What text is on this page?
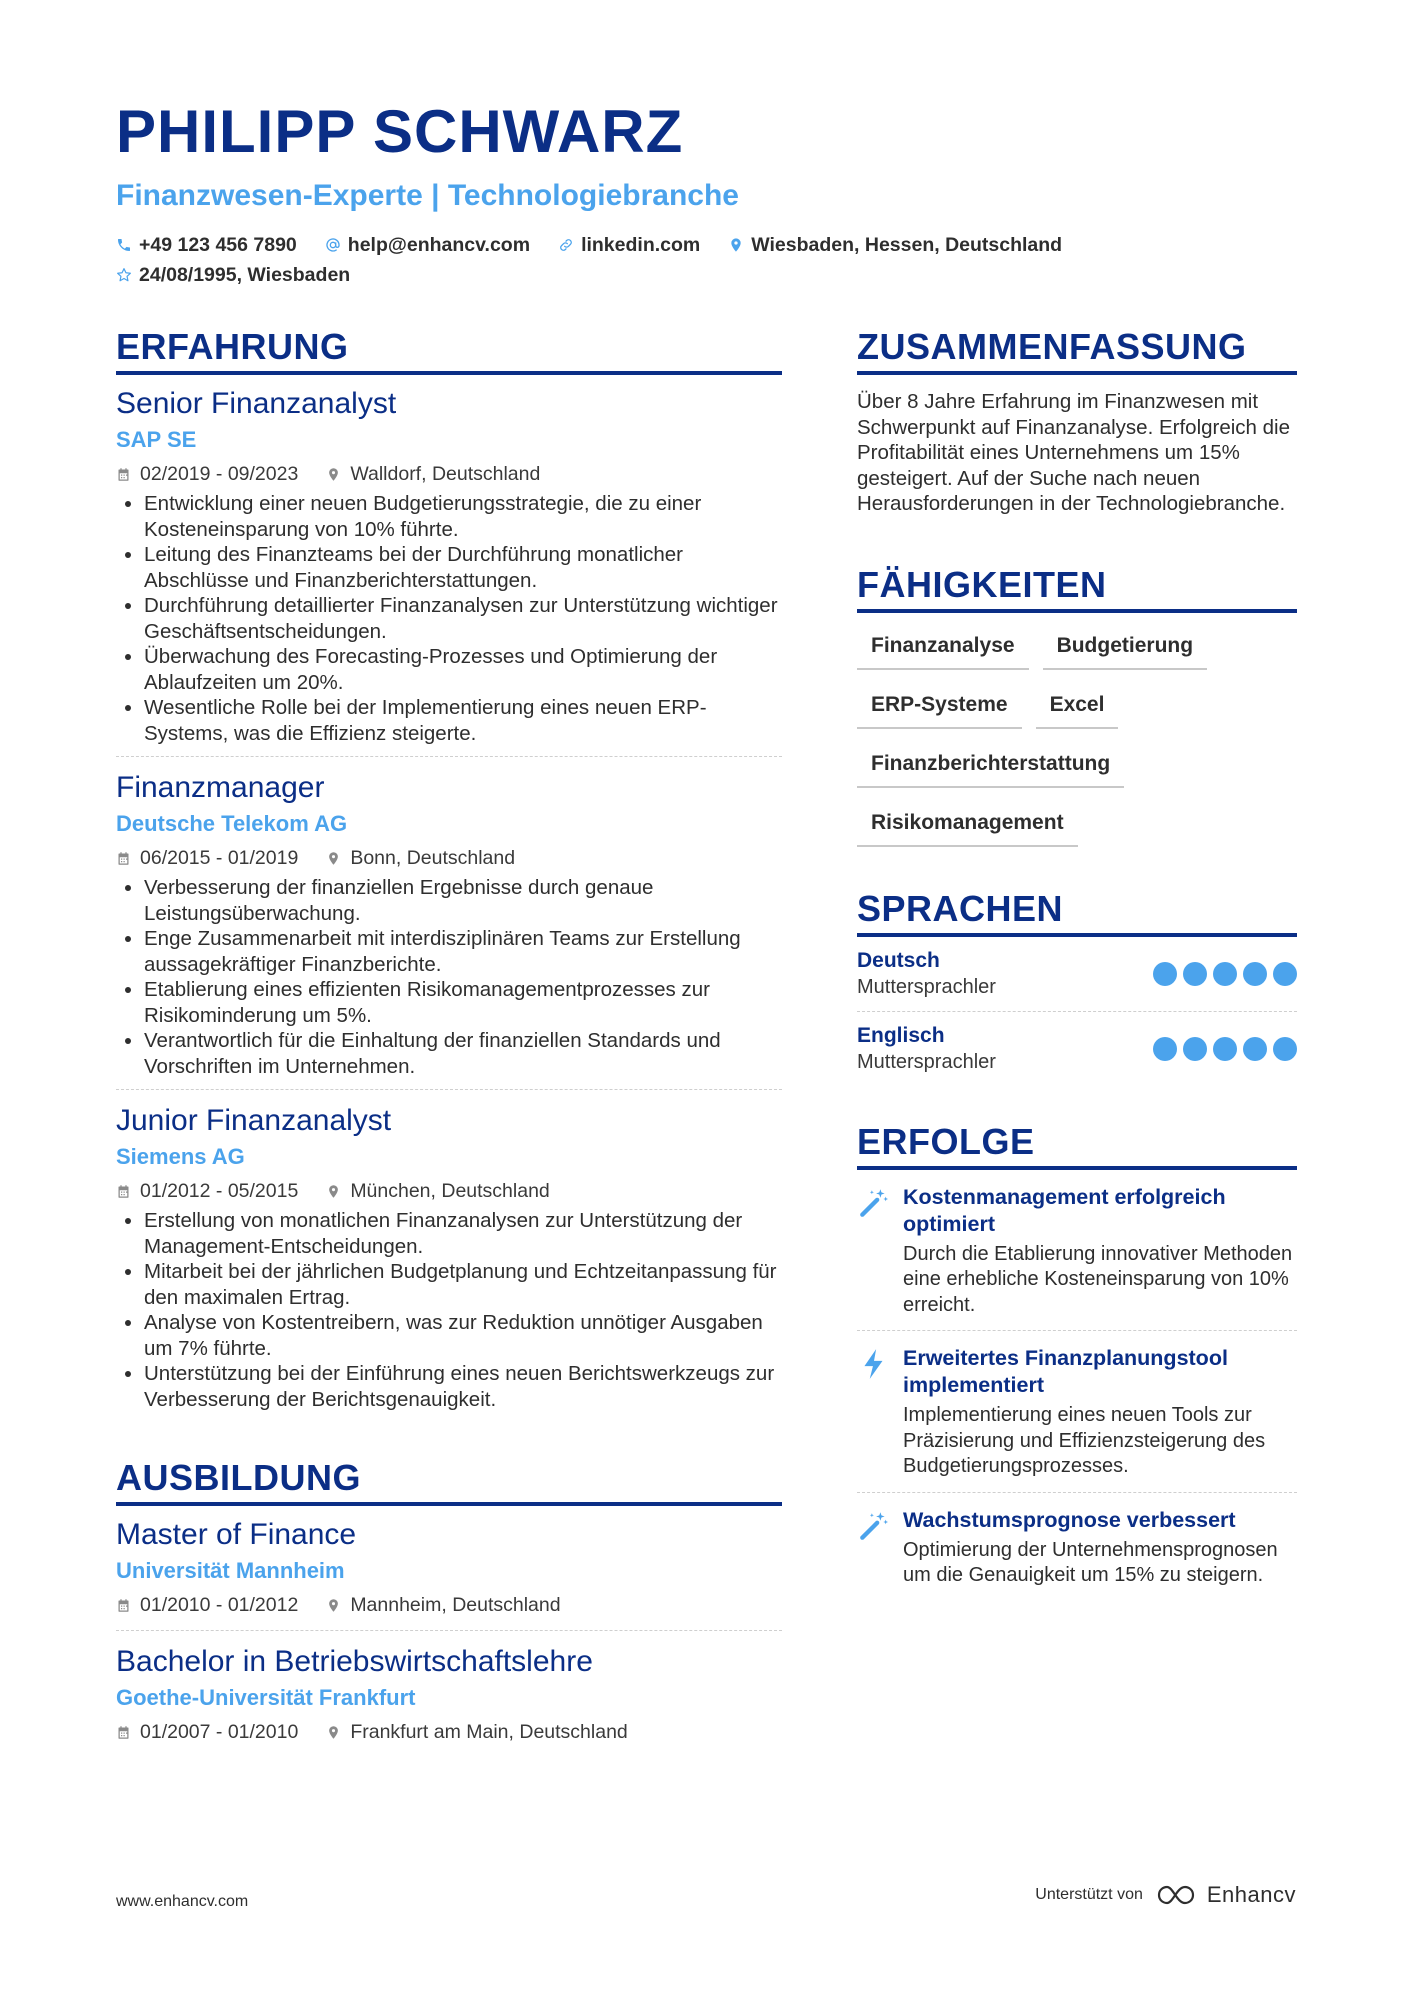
PHILIPP SCHWARZ
Finanzwesen-Experte | Technologiebranche
+49 123 456 7890	help@enhancv.com	linkedin.com	Wiesbaden, Hessen, Deutschland
24/08/1995, Wiesbaden
ERFAHRUNG
Senior Finanzanalyst
SAP SE
02/2019 - 09/2023	Walldorf, Deutschland
• Entwicklung einer neuen Budgetierungsstrategie, die zu einer Kosteneinsparung von 10% führte.
• Leitung des Finanzteams bei der Durchführung monatlicher Abschlüsse und Finanzberichterstattungen.
• Durchführung detaillierter Finanzanalysen zur Unterstützung wichtiger Geschäftsentscheidungen.
• Überwachung des Forecasting-Prozesses und Optimierung der Ablaufzeiten um 20%.
• Wesentliche Rolle bei der Implementierung eines neuen ERP-Systems, was die Effizienz steigerte.
Finanzmanager
Deutsche Telekom AG
06/2015 - 01/2019	Bonn, Deutschland
• Verbesserung der finanziellen Ergebnisse durch genaue Leistungsüberwachung.
• Enge Zusammenarbeit mit interdisziplinären Teams zur Erstellung aussagekräftiger Finanzberichte.
• Etablierung eines effizienten Risikomanagementprozesses zur Risikominderung um 5%.
• Verantwortlich für die Einhaltung der finanziellen Standards und Vorschriften im Unternehmen.
Junior Finanzanalyst
Siemens AG
01/2012 - 05/2015	München, Deutschland
• Erstellung von monatlichen Finanzanalysen zur Unterstützung der Management-Entscheidungen.
• Mitarbeit bei der jährlichen Budgetplanung und Echtzeitanpassung für den maximalen Ertrag.
• Analyse von Kostentreibern, was zur Reduktion unnötiger Ausgaben um 7% führte.
• Unterstützung bei der Einführung eines neuen Berichtswerkzeugs zur Verbesserung der Berichtsgenauigkeit.
AUSBILDUNG
Master of Finance
Universität Mannheim
01/2010 - 01/2012	Mannheim, Deutschland
Bachelor in Betriebswirtschaftslehre
Goethe-Universität Frankfurt
01/2007 - 01/2010	Frankfurt am Main, Deutschland
ZUSAMMENFASSUNG
Über 8 Jahre Erfahrung im Finanzwesen mit Schwerpunkt auf Finanzanalyse. Erfolgreich die Profitabilität eines Unternehmens um 15% gesteigert. Auf der Suche nach neuen Herausforderungen in der Technologiebranche.
FÄHIGKEITEN
Finanzanalyse	Budgetierung
ERP-Systeme	Excel
Finanzberichterstattung
Risikomanagement
SPRACHEN
Deutsch
Muttersprachler
Englisch
Muttersprachler
ERFOLGE
Kostenmanagement erfolgreich optimiert
Durch die Etablierung innovativer Methoden eine erhebliche Kosteneinsparung von 10% erreicht.
Erweitertes Finanzplanungstool implementiert
Implementierung eines neuen Tools zur Präzisierung und Effizienzsteigerung des Budgetierungsprozesses.
Wachstumsprognose verbessert
Optimierung der Unternehmensprognosen um die Genauigkeit um 15% zu steigern.
www.enhancv.com	Unterstützt von	Enhancv
